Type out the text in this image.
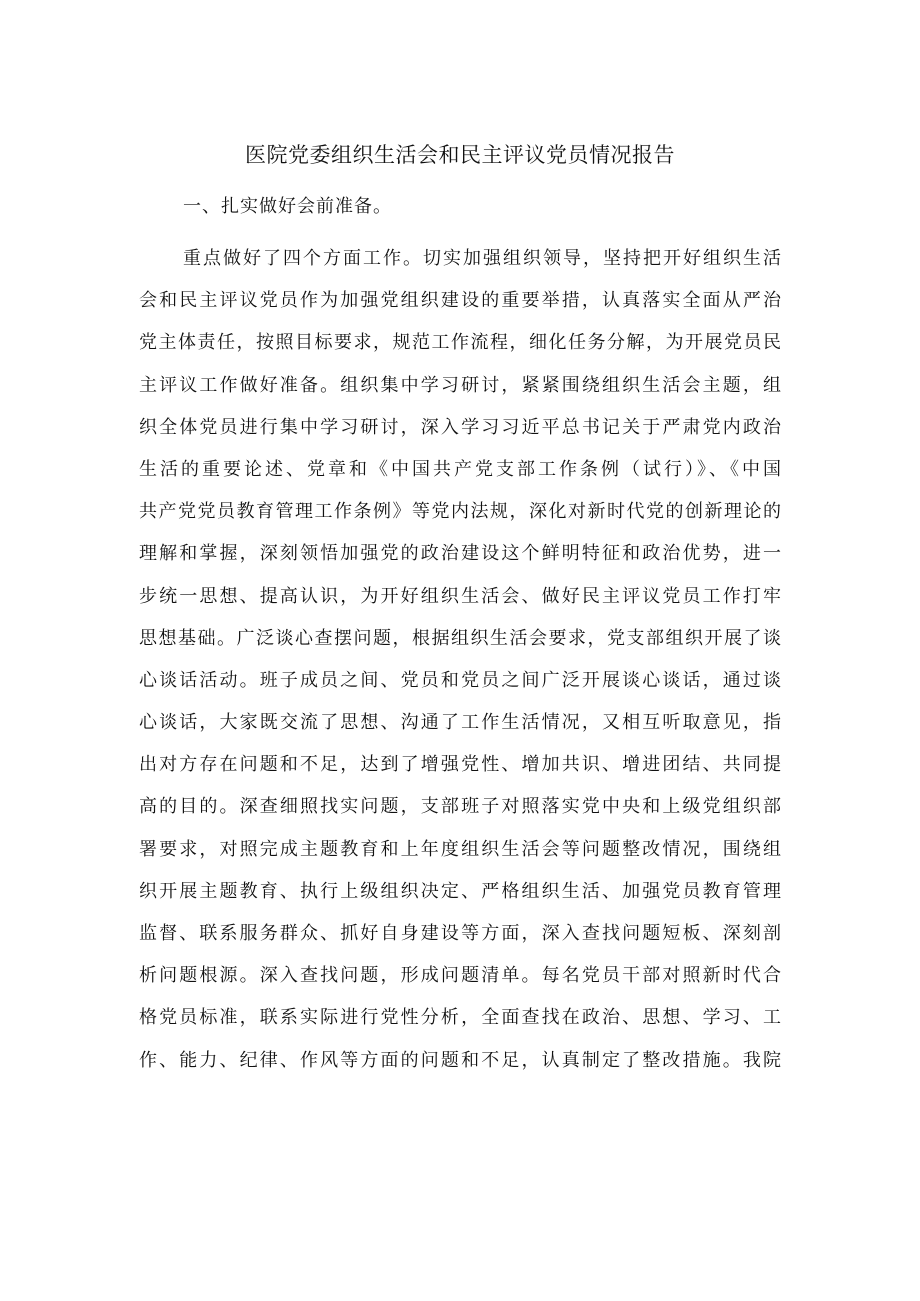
医院党委组织生活会和民主评议党员情况报告
一、扎实做好会前准备。
重点做好了四个方面工作。切实加强组织领导，坚持把开好组织生活
会和民主评议党员作为加强党组织建设的重要举措，认真落实全面从严治
党主体责任，按照目标要求，规范工作流程，细化任务分解，为开展党员民
主评议工作做好准备。组织集中学习研讨，紧紧围绕组织生活会主题，组
织全体党员进行集中学习研讨，深入学习习近平总书记关于严肃党内政治
生活的重要论述、党章和《中国共产党支部工作条例（试行）》、《中国
共产党党员教育管理工作条例》等党内法规，深化对新时代党的创新理论的
理解和掌握，深刻领悟加强党的政治建设这个鲜明特征和政治优势，进一
步统一思想、提高认识，为开好组织生活会、做好民主评议党员工作打牢
思想基础。广泛谈心查摆问题，根据组织生活会要求，党支部组织开展了谈
心谈话活动。班子成员之间、党员和党员之间广泛开展谈心谈话，通过谈
心谈话，大家既交流了思想、沟通了工作生活情况，又相互听取意见，指
出对方存在问题和不足，达到了增强党性、增加共识、增进团结、共同提
高的目的。深查细照找实问题，支部班子对照落实党中央和上级党组织部
署要求，对照完成主题教育和上年度组织生活会等问题整改情况，围绕组
织开展主题教育、执行上级组织决定、严格组织生活、加强党员教育管理
监督、联系服务群众、抓好自身建设等方面，深入查找问题短板、深刻剖
析问题根源。深入查找问题，形成问题清单。每名党员干部对照新时代合
格党员标准，联系实际进行党性分析，全面查找在政治、思想、学习、工
作、能力、纪律、作风等方面的问题和不足，认真制定了整改措施。我院
